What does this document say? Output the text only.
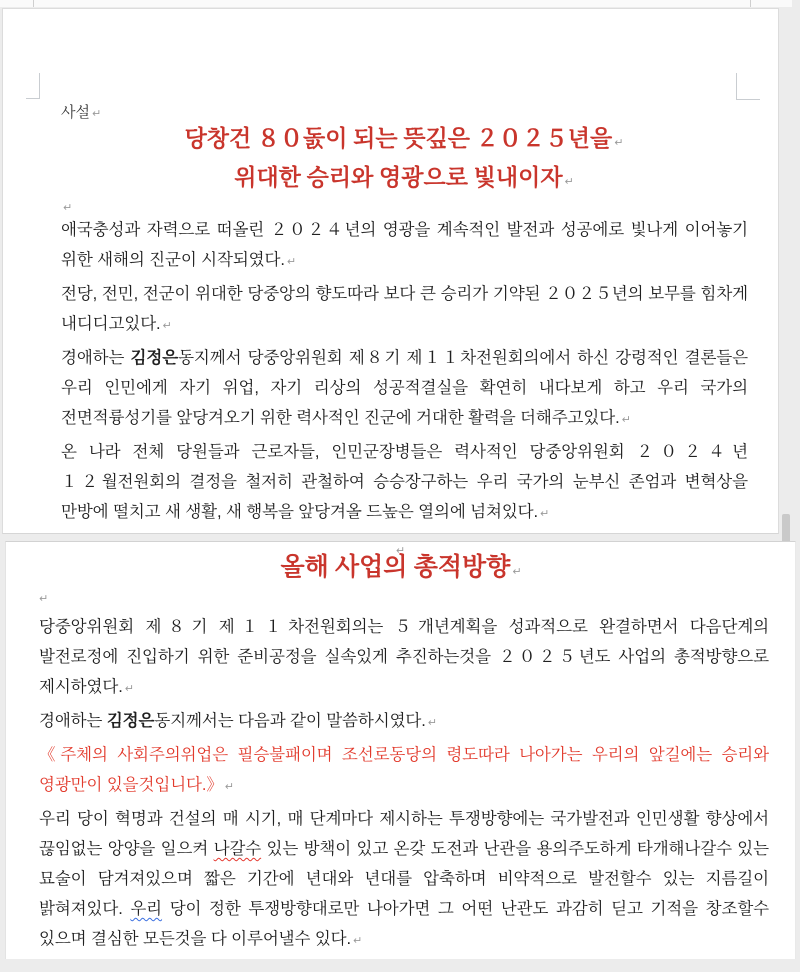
사설 ↵
당창건 ８０돐이 되는 뜻깊은 ２０２５년을 ↵
위대한 승리와 영광으로 빛내이자 ↵
↵
애국충성과 자력으로 떠올린 ２０２４년의 영광을 계속적인 발전과 성공에로 빛나게 이어놓기 위한 새해의 진군이 시작되였다. ↵
전당, 전민, 전군이 위대한 당중앙의 향도따라 보다 큰 승리가 기약된 ２０２５년의 보무를 힘차게 내디디고있다. ↵
경애하는 김정은동지께서 당중앙위원회 제８기 제１１차전원회의에서 하신 강령적인 결론들은 우리 인민에게 자기 위업, 자기 리상의 성공적결실을 확연히 내다보게 하고 우리 국가의 전면적륭성기를 앞당겨오기 위한 력사적인 진군에 거대한 활력을 더해주고있다. ↵
온 나라 전체 당원들과 근로자들, 인민군장병들은 력사적인 당중앙위원회 ２０２４년 １２월전원회의 결정을 철저히 관철하여 승승장구하는 우리 국가의 눈부신 존엄과 변혁상을 만방에 떨치고 새 생활, 새 행복을 앞당겨올 드높은 열의에 넘쳐있다. ↵
↵
올해 사업의 총적방향 ↵
↵
당중앙위원회 제８기 제１１차전원회의는 ５개년계획을 성과적으로 완결하면서 다음단계의 발전로정에 진입하기 위한 준비공정을 실속있게 추진하는것을 ２０２５년도 사업의 총적방향으로 제시하였다. ↵
경애하는 김정은동지께서는 다음과 같이 말씀하시였다. ↵
《주체의 사회주의위업은 필승불패이며 조선로동당의 령도따라 나아가는 우리의 앞길에는 승리와 영광만이 있을것입니다.》 ↵
우리 당이 혁명과 건설의 매 시기, 매 단계마다 제시하는 투쟁방향에는 국가발전과 인민생활 향상에서 끊임없는 앙양을 일으켜 나갈수 있는 방책이 있고 온갖 도전과 난관을 용의주도하게 타개해나갈수 있는 묘술이 담겨져있으며 짧은 기간에 년대와 년대를 압축하며 비약적으로 발전할수 있는 지름길이 밝혀져있다. 우리 당이 정한 투쟁방향대로만 나아가면 그 어떤 난관도 과감히 딛고 기적을 창조할수 있으며 결심한 모든것을 다 이루어낼수 있다. ↵
